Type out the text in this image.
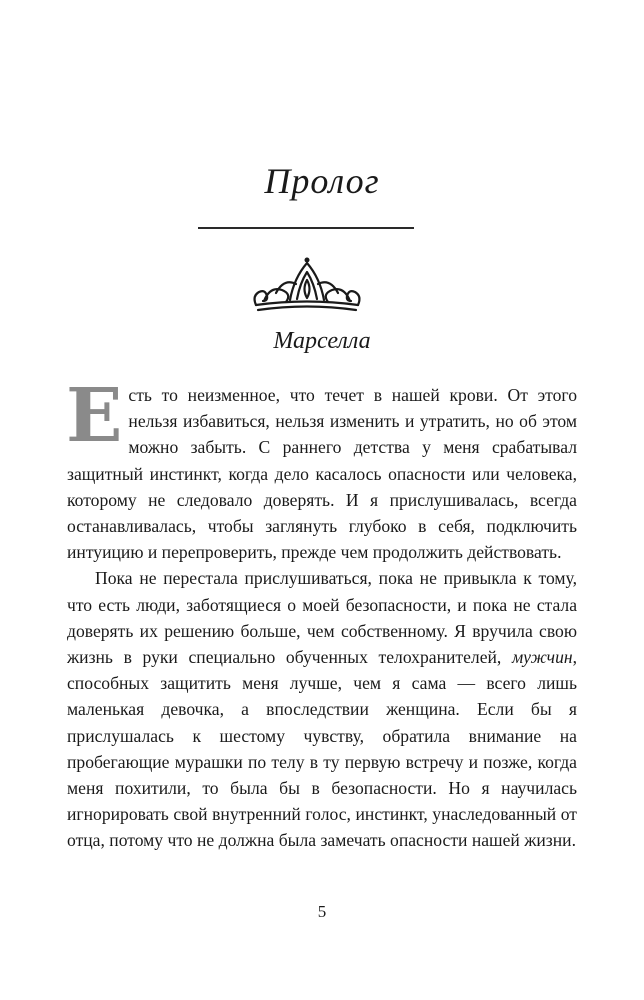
Пролог
Марселла

Есть то неизменное, что течет в нашей крови. От этого нельзя избавиться, нельзя изменить и утратить, но об этом можно забыть. С раннего детства у меня срабатывал защитный инстинкт, когда дело касалось опасности или человека, которому не следовало доверять. И я прислушивалась, всегда останавливалась, чтобы заглянуть глубоко в себя, подключить интуицию и перепроверить, прежде чем продолжить действовать.

Пока не перестала прислушиваться, пока не привыкла к тому, что есть люди, заботящиеся о моей безопасности, и пока не стала доверять их решению больше, чем собственному. Я вручила свою жизнь в руки специально обученных телохранителей, мужчин, способных защитить меня лучше, чем я сама — всего лишь маленькая девочка, а впоследствии женщина. Если бы я прислушалась к шестому чувству, обратила внимание на пробегающие мурашки по телу в ту первую встречу и позже, когда меня похитили, то была бы в безопасности. Но я научилась игнорировать свой внутренний голос, инстинкт, унаследованный от отца, потому что не должна была замечать опасности нашей жизни.

5
